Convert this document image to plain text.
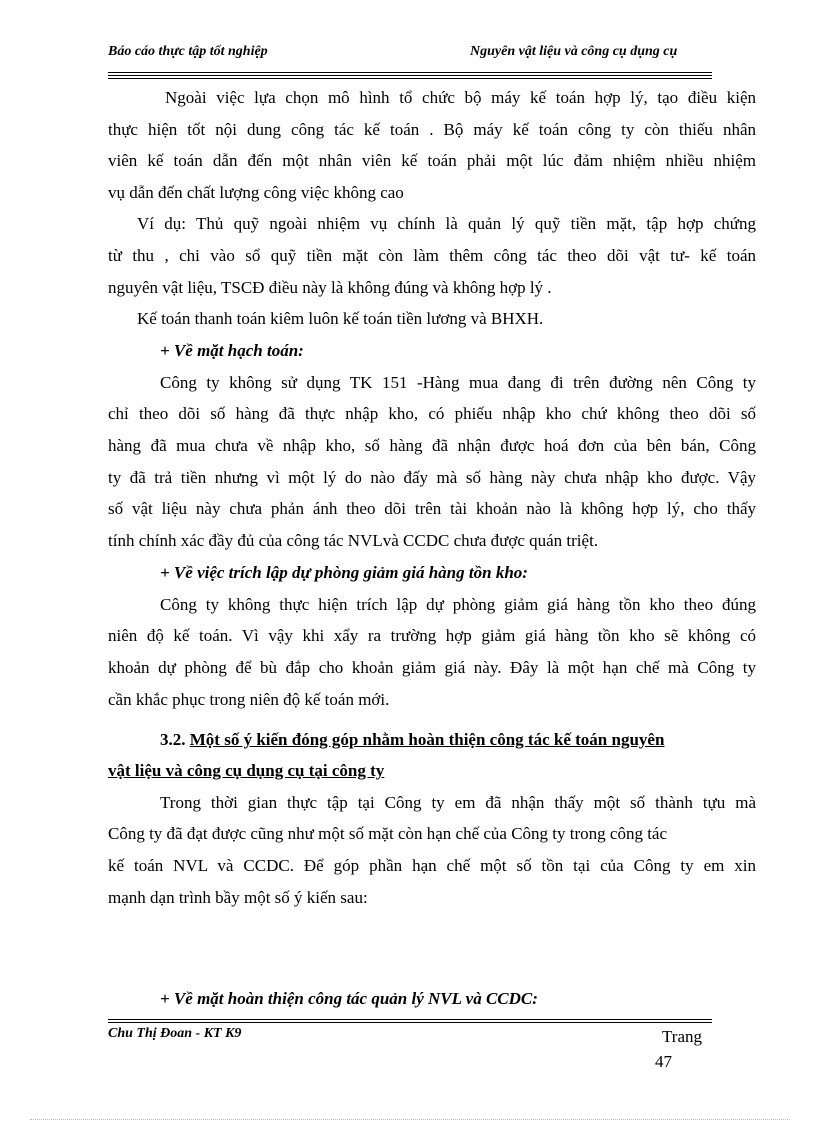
Báo cáo thực tập tốt nghiệp	Nguyên vật liệu và công cụ dụng cụ
Ngoài việc lựa chọn mô hình tổ chức bộ máy kế toán hợp lý, tạo điều kiện
thực hiện tốt nội dung công tác kế toán . Bộ máy kế toán công ty còn thiếu nhân
viên kế toán dẫn đến một nhân viên kế toán phải một lúc đảm nhiệm nhiều nhiệm
vụ dẫn đến chất lượng công việc không cao
Ví dụ: Thủ quỹ ngoài nhiệm vụ chính là quản lý quỹ tiền mặt, tập hợp chứng
từ thu , chi vào sổ quỹ tiền mặt còn làm thêm công tác theo dõi vật tư- kế toán
nguyên vật liệu, TSCĐ điều này là không đúng và không hợp lý .
Kế toán thanh toán kiêm luôn kế toán tiền lương và BHXH.
+ Về mặt hạch toán:
Công ty không sử dụng TK 151 -Hàng mua đang đi trên đường nên Công ty
chỉ theo dõi số hàng đã thực nhập kho, có phiếu nhập kho chứ không theo dõi số
hàng đã mua chưa về nhập kho, số hàng đã nhận được hoá đơn của bên bán, Công
ty đã trả tiền nhưng vì một lý do nào đấy mà số hàng này chưa nhập kho được. Vậy
số vật liệu này chưa phản ánh theo dõi trên tài khoản nào là không hợp lý, cho thấy
tính chính xác đầy đủ của công tác NVLvà CCDC chưa được quán triệt.
+ Về việc trích lập dự phòng giảm giá hàng tồn kho:
Công ty không thực hiện trích lập dự phòng giảm giá hàng tồn kho theo đúng
niên độ kế toán. Vì vậy khi xẩy ra trường hợp giảm giá hàng tồn kho sẽ không có
khoản dự phòng để bù đắp cho khoản giảm giá này. Đây là một hạn chế mà Công ty
cần khắc phục trong niên độ kế toán mới.
3.2. Một số ý kiến đóng góp nhằm hoàn thiện công tác kế toán nguyên
vật liệu và công cụ dụng cụ tại công ty
Trong thời gian thực tập tại Công ty em đã nhận thấy một số thành tựu mà
Công ty đã đạt được cũng như một số mặt còn hạn chế của Công ty trong công tác
kế toán NVL và CCDC. Để góp phần hạn chế một số tồn tại của Công ty em xin
mạnh dạn trình bầy một số ý kiến sau:
+ Về mặt hoàn thiện công tác quản lý NVL và CCDC:
Chu Thị Đoan - KT K9	Trang
47
